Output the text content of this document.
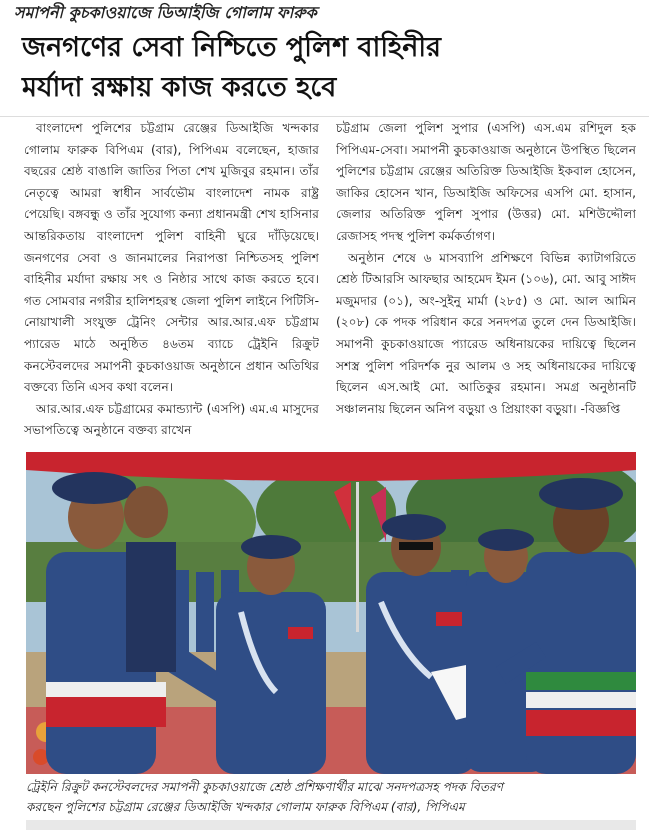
সমাপনী কুচকাওয়াজে ডিআইজি গোলাম ফারুক
জনগণের সেবা নিশ্চিতে পুলিশ বাহিনীর
মর্যাদা রক্ষায় কাজ করতে হবে

বাংলাদেশ পুলিশের চট্টগ্রাম রেঞ্জের ডিআইজি খন্দকার গোলাম ফারুক বিপিএম (বার), পিপিএম বলেছেন, হাজার বছরের শ্রেষ্ঠ বাঙালি জাতির পিতা শেখ মুজিবুর রহমান। তাঁর নেতৃত্বে আমরা স্বাধীন সার্বভৌম বাংলাদেশ নামক রাষ্ট্র পেয়েছি। বঙ্গবন্ধু ও তাঁর সুযোগ্য কন্যা প্রধানমন্ত্রী শেখ হাসিনার আন্তরিকতায় বাংলাদেশ পুলিশ বাহিনী ঘুরে দাঁড়িয়েছে। জনগণের সেবা ও জানমালের নিরাপত্তা নিশ্চিতসহ পুলিশ বাহিনীর মর্যাদা রক্ষায় সৎ ও নিষ্ঠার সাথে কাজ করতে হবে। গত সোমবার নগরীর হালিশহরস্থ জেলা পুলিশ লাইনে পিটিসি-নোয়াখালী সংযুক্ত ট্রেনিং সেন্টার আর.আর.এফ চট্টগ্রাম প্যারেড মাঠে অনুষ্ঠিত ৪৬তম ব্যাচে ট্রেইনি রিক্রুট কনস্টেবলদের সমাপনী কুচকাওয়াজ অনুষ্ঠানে প্রধান অতিথির বক্তব্যে তিনি এসব কথা বলেন।

আর.আর.এফ চট্টগ্রামের কমান্ড্যান্ট (এসপি) এম.এ মাসুদের সভাপতিত্বে অনুষ্ঠানে বক্তব্য রাখেন

চট্টগ্রাম জেলা পুলিশ সুপার (এসপি) এস.এম রশিদুল হক পিপিএম-সেবা। সমাপনী কুচকাওয়াজ অনুষ্ঠানে উপস্থিত ছিলেন পুলিশের চট্টগ্রাম রেঞ্জের অতিরিক্ত ডিআইজি ইকবাল হোসেন, জাকির হোসেন খান, ডিআইজি অফিসের এসপি মো. হাসান, জেলার অতিরিক্ত পুলিশ সুপার (উত্তর) মো. মশিউদ্দৌলা রেজাসহ পদস্থ পুলিশ কর্মকর্তাগণ।

অনুষ্ঠান শেষে ৬ মাসব্যাপি প্রশিক্ষণে বিভিন্ন ক্যাটাগরিতে শ্রেষ্ঠ টিআরসি আফছার আহমেদ ইমন (১০৬), মো. আবু সাঈদ মজুমদার (০১), অং-সুইনু মার্মা (২৮৫) ও মো. আল আমিন (২০৮) কে পদক পরিধান করে সনদপত্র তুলে দেন ডিআইজি। সমাপনী কুচকাওয়াজে প্যারেড অধিনায়কের দায়িত্বে ছিলেন সশস্ত্র পুলিশ পরিদর্শক নুর আলম ও সহ অধিনায়কের দায়িত্বে ছিলেন এস.আই মো. আতিকুর রহমান। সমগ্র অনুষ্ঠানটি সঞ্চালনায় ছিলেন অনিপ বড়ুয়া ও প্রিয়াংকা বড়ুয়া। -বিজ্ঞপ্তি

ট্রেইনি রিক্রুট কনস্টেবলদের সমাপনী কুচকাওয়াজে শ্রেষ্ঠ প্রশিক্ষণার্থীর মাঝে সনদপত্রসহ পদক বিতরণ
করছেন পুলিশের চট্টগ্রাম রেঞ্জের ডিআইজি খন্দকার গোলাম ফারুক বিপিএম (বার), পিপিএম
